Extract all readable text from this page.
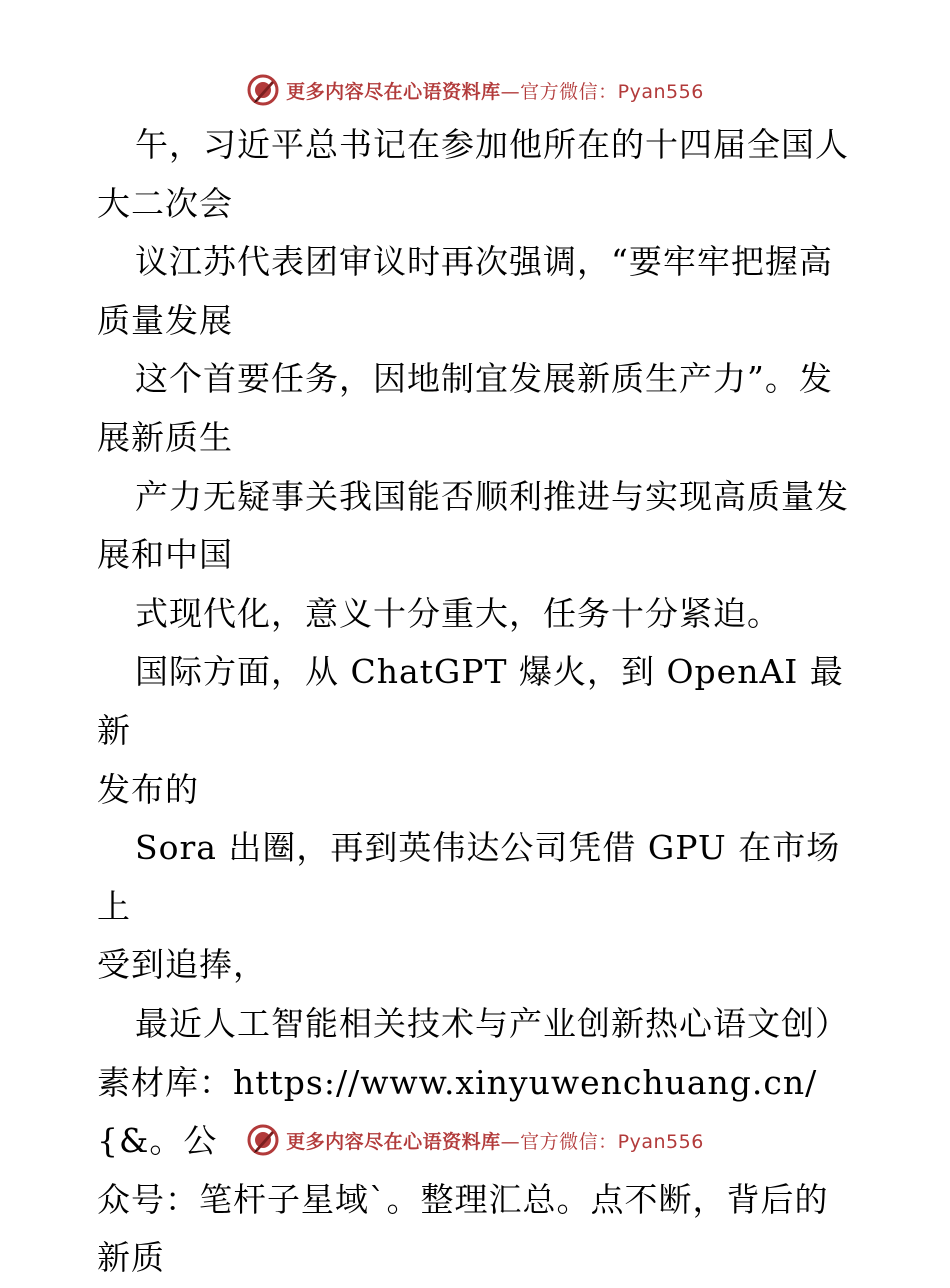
更多内容尽在心语资料库—官方微信：Pyan556

午，习近平总书记在参加他所在的十四届全国人

大二次会

议江苏代表团审议时再次强调，“要牢牢把握高

质量发展

这个首要任务，因地制宜发展新质生产力”。发

展新质生

产力无疑事关我国能否顺利推进与实现高质量发

展和中国

式现代化，意义十分重大，任务十分紧迫。

国际方面，从 ChatGPT 爆火，到 OpenAI 最新

发布的

Sora 出圈，再到英伟达公司凭借 GPU 在市场上

受到追捧，

最近人工智能相关技术与产业创新热心语文创）

素材库：https://www.xinyuwenchuang.cn/{&。公

众号：笔杆子星域`。整理汇总。点不断，背后的

新质

更多内容尽在心语资料库—官方微信：Pyan556
